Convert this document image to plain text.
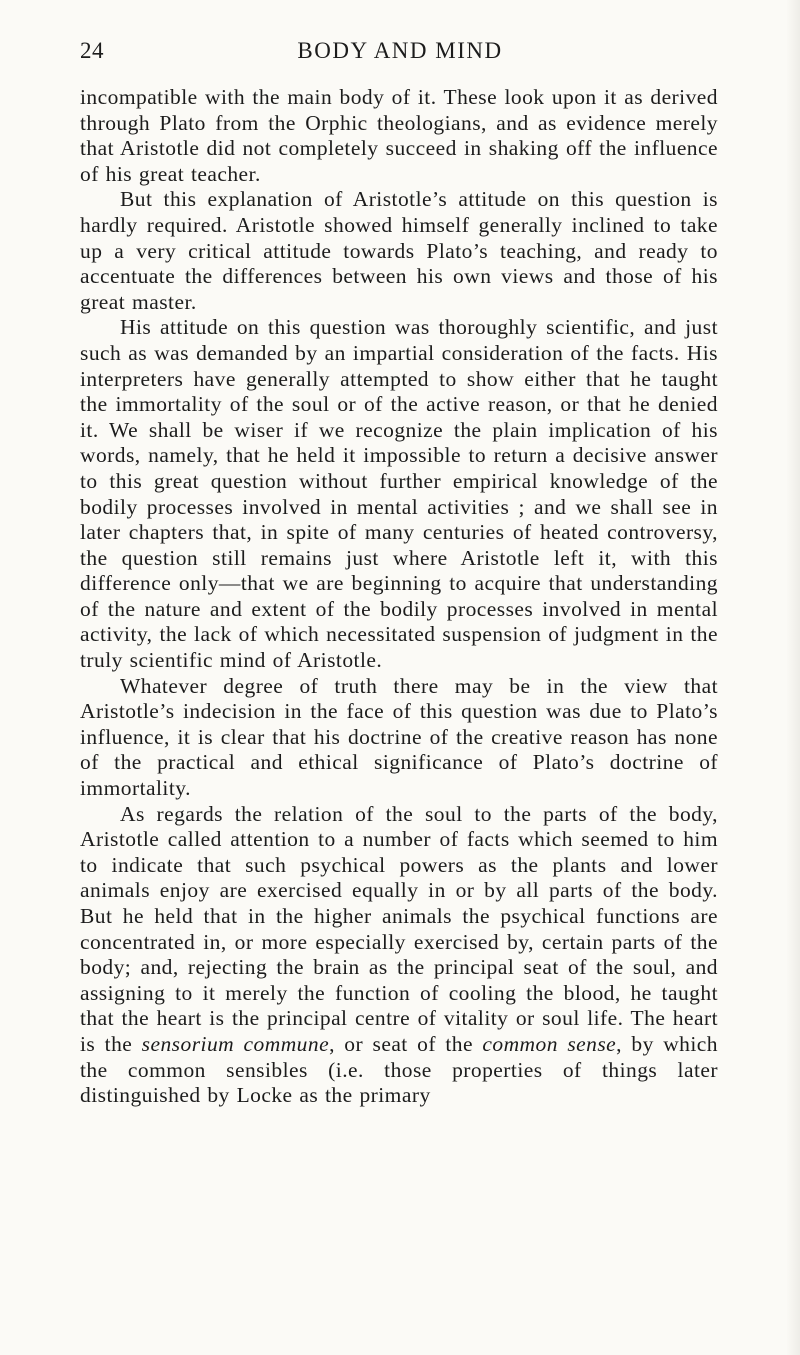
24	BODY AND MIND

incompatible with the main body of it. These look upon it as derived through Plato from the Orphic theologians, and as evidence merely that Aristotle did not completely succeed in shaking off the influence of his great teacher.

But this explanation of Aristotle’s attitude on this question is hardly required. Aristotle showed himself generally inclined to take up a very critical attitude towards Plato’s teaching, and ready to accentuate the differences between his own views and those of his great master.

His attitude on this question was thoroughly scientific, and just such as was demanded by an impartial consideration of the facts. His interpreters have generally attempted to show either that he taught the immortality of the soul or of the active reason, or that he denied it. We shall be wiser if we recognize the plain implication of his words, namely, that he held it impossible to return a decisive answer to this great question without further empirical knowledge of the bodily processes involved in mental activities ; and we shall see in later chapters that, in spite of many centuries of heated controversy, the question still remains just where Aristotle left it, with this difference only—that we are beginning to acquire that understanding of the nature and extent of the bodily processes involved in mental activity, the lack of which necessitated suspension of judgment in the truly scientific mind of Aristotle.

Whatever degree of truth there may be in the view that Aristotle’s indecision in the face of this question was due to Plato’s influence, it is clear that his doctrine of the creative reason has none of the practical and ethical significance of Plato’s doctrine of immortality.

As regards the relation of the soul to the parts of the body, Aristotle called attention to a number of facts which seemed to him to indicate that such psychical powers as the plants and lower animals enjoy are exercised equally in or by all parts of the body. But he held that in the higher animals the psychical functions are concentrated in, or more especially exercised by, certain parts of the body; and, rejecting the brain as the principal seat of the soul, and assigning to it merely the function of cooling the blood, he taught that the heart is the principal centre of vitality or soul life. The heart is the sensorium commune, or seat of the common sense, by which the common sensibles (i.e. those properties of things later distinguished by Locke as the primary
